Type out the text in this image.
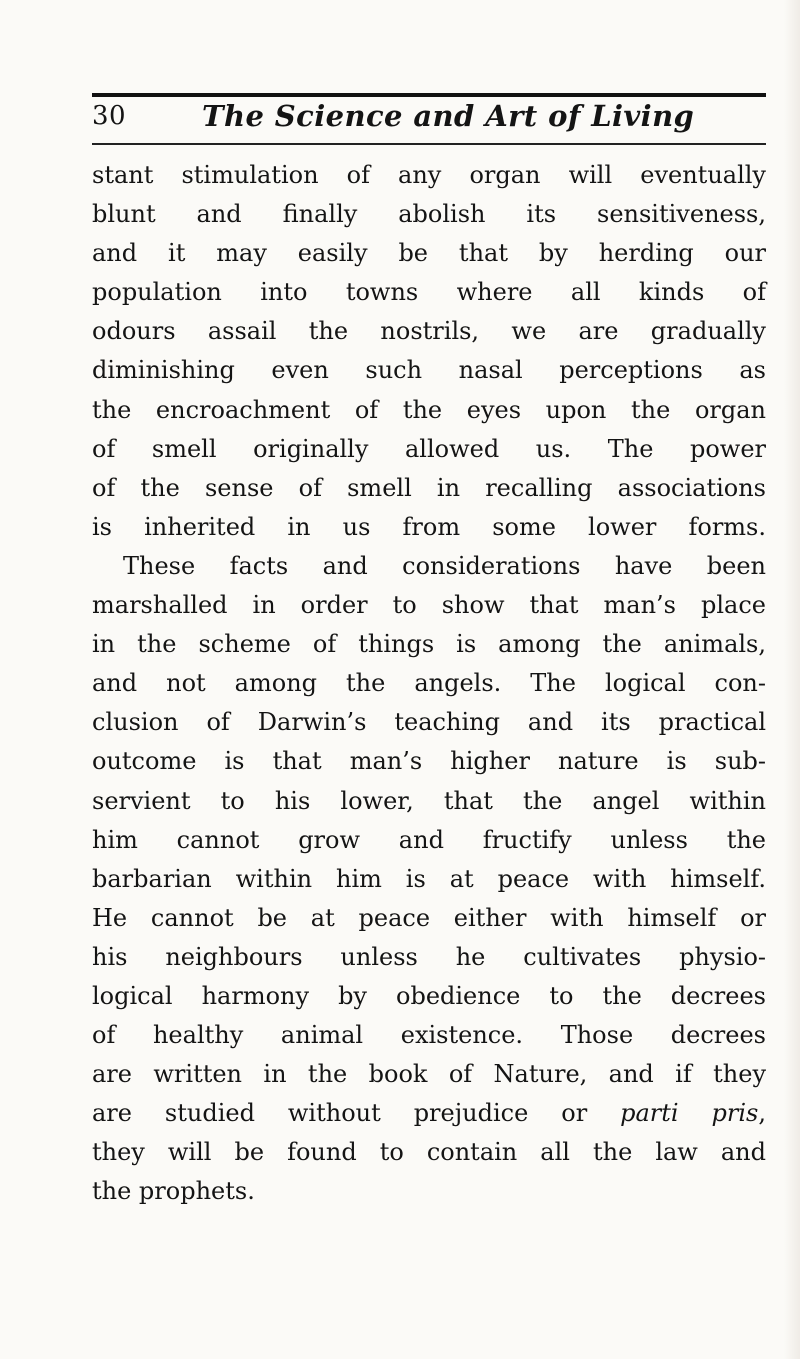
30	The Science and Art of Living
stant stimulation of any organ will eventually
blunt and finally abolish its sensitiveness,
and it may easily be that by herding our
population into towns where all kinds of
odours assail the nostrils, we are gradually
diminishing even such nasal perceptions as
the encroachment of the eyes upon the organ
of smell originally allowed us. The power
of the sense of smell in recalling associations
is inherited in us from some lower forms.
These facts and considerations have been
marshalled in order to show that man’s place
in the scheme of things is among the animals,
and not among the angels. The logical con-
clusion of Darwin’s teaching and its practical
outcome is that man’s higher nature is sub-
servient to his lower, that the angel within
him cannot grow and fructify unless the
barbarian within him is at peace with himself.
He cannot be at peace either with himself or
his neighbours unless he cultivates physio-
logical harmony by obedience to the decrees
of healthy animal existence. Those decrees
are written in the book of Nature, and if they
are studied without prejudice or parti pris,
they will be found to contain all the law and
the prophets.
